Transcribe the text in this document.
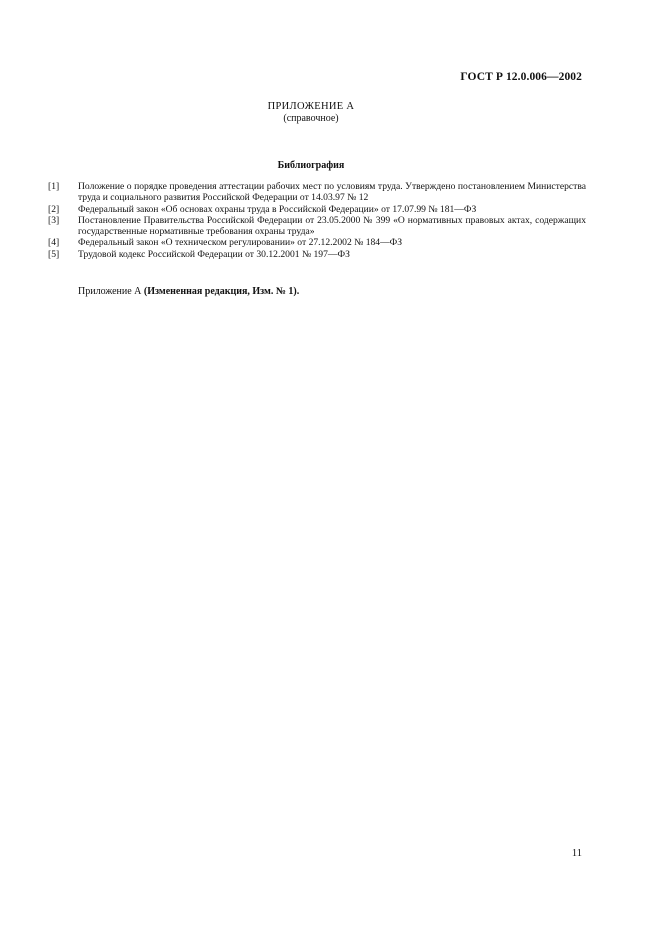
ГОСТ Р 12.0.006—2002
ПРИЛОЖЕНИЕ А
(справочное)
Библиография
[1] Положение о порядке проведения аттестации рабочих мест по условиям труда. Утверждено постановлением Министерства труда и социального развития Российской Федерации от 14.03.97 № 12
[2] Федеральный закон «Об основах охраны труда в Российской Федерации» от 17.07.99 № 181—ФЗ
[3] Постановление Правительства Российской Федерации от 23.05.2000 № 399 «О нормативных правовых актах, содержащих государственные нормативные требования охраны труда»
[4] Федеральный закон «О техническом регулировании» от 27.12.2002 № 184—ФЗ
[5] Трудовой кодекс Российской Федерации от 30.12.2001 № 197—ФЗ
Приложение А (Измененная редакция, Изм. № 1).
11
